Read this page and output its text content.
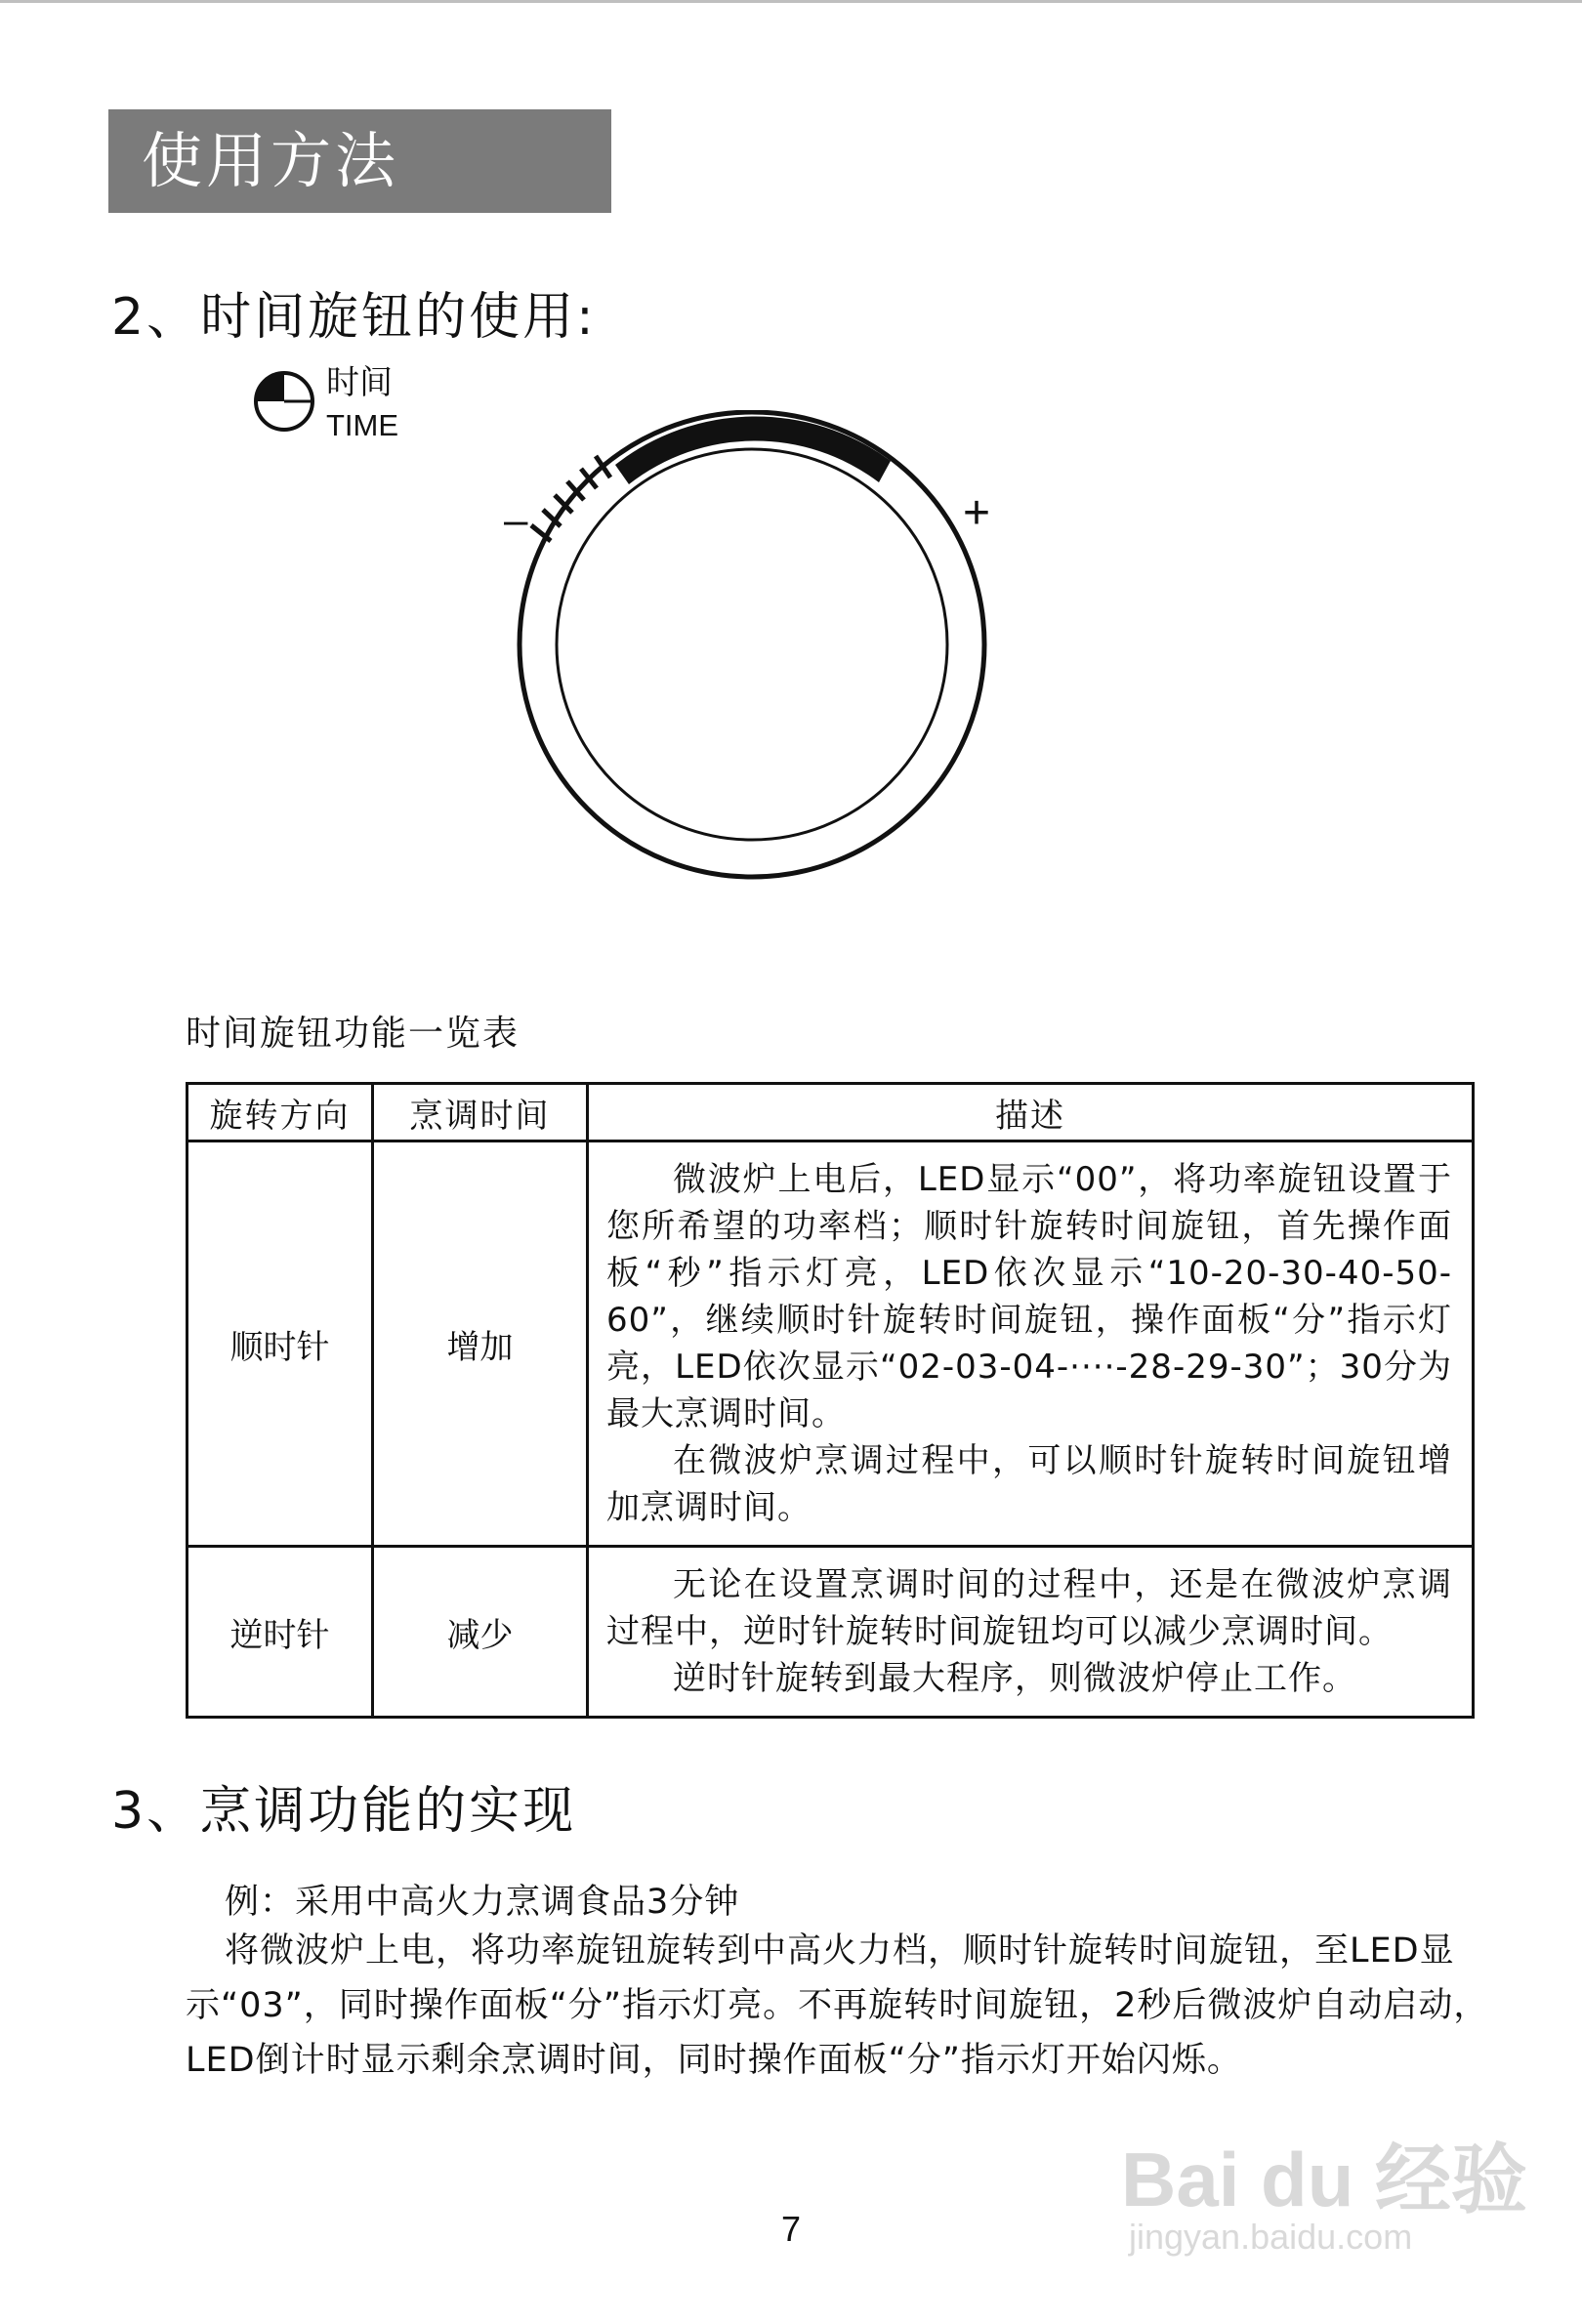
使用方法
2、时间旋钮的使用:
时间
TIME
–	+
时间旋钮功能一览表
旋转方向	烹调时间	描述
顺时针	增加	微波炉上电后，LED显示“00”，将功率旋钮设置于您所希望的功率档；顺时针旋转时间旋钮，首先操作面板“秒”指示灯亮，LED依次显示“10-20-30-40-50-60”，继续顺时针旋转时间旋钮，操作面板“分”指示灯亮，LED依次显示“02-03-04-····-28-29-30”；30分为最大烹调时间。

在微波炉烹调过程中，可以顺时针旋转时间旋钮增加烹调时间。

逆时针	减少	无论在设置烹调时间的过程中，还是在微波炉烹调过程中，逆时针旋转时间旋钮均可以减少烹调时间。

逆时针旋转到最大程序，则微波炉停止工作。

3、烹调功能的实现
例：采用中高火力烹调食品3分钟
将微波炉上电，将功率旋钮旋转到中高火力档，顺时针旋转时间旋钮，至LED显示“03”，同时操作面板“分”指示灯亮。不再旋转时间旋钮，2秒后微波炉自动启动，LED倒计时显示剩余烹调时间，同时操作面板“分”指示灯开始闪烁。
7
Bai du 经验
jingyan.baidu.com
